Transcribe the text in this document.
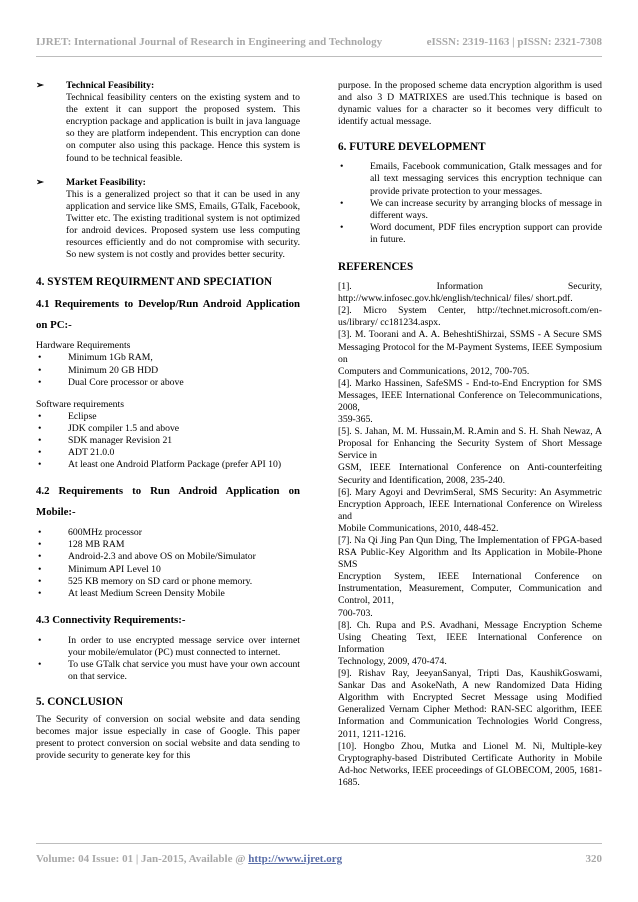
IJRET: International Journal of Research in Engineering and Technology	eISSN: 2319-1163 | pISSN: 2321-7308
➢	Technical Feasibility:

Technical feasibility centers on the existing system and to the extent it can support the proposed system. This encryption package and application is built in java language so they are platform independent. This encryption can done on computer also using this package. Hence this system is found to be technical feasible.

➢	Market Feasibility:

This is a generalized project so that it can be used in any application and service like SMS, Emails, GTalk, Facebook, Twitter etc. The existing traditional system is not optimized for android devices. Proposed system use less computing resources efficiently and do not compromise with security. So new system is not costly and provides better security.

4. SYSTEM REQUIRMENT AND SPECIATION
4.1 Requirements to Develop/Run Android Application on PC:-

Hardware Requirements

•	Minimum 1Gb RAM,
•	Minimum 20 GB HDD
•	Dual Core processor or above

Software requirements

•	Eclipse
•	JDK compiler 1.5 and above
•	SDK manager Revision 21
•	ADT 21.0.0
•	At least one Android Platform Package (prefer API 10)
4.2 Requirements to Run Android Application on Mobile:-
•	600MHz processor
•	128 MB RAM
•	Android-2.3 and above OS on Mobile/Simulator
•	Minimum API Level 10
•	525 KB memory on SD card or phone memory.
•	At least Medium Screen Density Mobile
4.3 Connectivity Requirements:-
•	In order to use encrypted message service over internet your mobile/emulator (PC) must connected to internet.
•	To use GTalk chat service you must have your own account on that service.
5. CONCLUSION

The Security of conversion on social website and data sending becomes major issue especially in case of Google. This paper present to protect conversion on social website and data sending to provide security to generate key for this

purpose. In the proposed scheme data encryption algorithm is used and also 3 D MATRIXES are used.This technique is based on dynamic values for a character so it becomes very difficult to identify actual message.

6. FUTURE DEVELOPMENT
•	Emails, Facebook communication, Gtalk messages and for all text messaging services this encryption technique can provide private protection to your messages.
•	We can increase security by arranging blocks of message in different ways.
•	Word document, PDF files encryption support can provide in future.
REFERENCES

[1]. Information Security, http://www.infosec.gov.hk/english/technical/ files/ short.pdf.

[2]. Micro System Center, http://technet.microsoft.com/en-us/library/ cc181234.aspx.

[3]. M. Toorani and A. A. BeheshtiShirzai, SSMS - A Secure SMS Messaging Protocol for the M-Payment Systems, IEEE Symposium on

Computers and Communications, 2012, 700-705.

[4]. Marko Hassinen, SafeSMS - End-to-End Encryption for SMS Messages, IEEE International Conference on Telecommunications, 2008,

359-365.

[5]. S. Jahan, M. M. Hussain,M. R.Amin and S. H. Shah Newaz, A Proposal for Enhancing the Security System of Short Message Service in

GSM, IEEE International Conference on Anti-counterfeiting Security and Identification, 2008, 235-240.

[6]. Mary Agoyi and DevrimSeral, SMS Security: An Asymmetric Encryption Approach, IEEE International Conference on Wireless and

Mobile Communications, 2010, 448-452.

[7]. Na Qi Jing Pan Qun Ding, The Implementation of FPGA-based RSA Public-Key Algorithm and Its Application in Mobile-Phone SMS

Encryption System, IEEE International Conference on Instrumentation, Measurement, Computer, Communication and Control, 2011,

700-703.

[8]. Ch. Rupa and P.S. Avadhani, Message Encryption Scheme Using Cheating Text, IEEE International Conference on Information

Technology, 2009, 470-474.

[9]. Rishav Ray, JeeyanSanyal, Tripti Das, KaushikGoswami, Sankar Das and AsokeNath, A new Randomized Data Hiding Algorithm with Encrypted Secret Message using Modified Generalized Vernam Cipher Method: RAN-SEC algorithm, IEEE Information and Communication Technologies World Congress, 2011, 1211-1216.

[10]. Hongbo Zhou, Mutka and Lionel M. Ni, Multiple-key Cryptography-based Distributed Certificate Authority in Mobile Ad-hoc Networks, IEEE proceedings of GLOBECOM, 2005, 1681-1685.

Volume: 04 Issue: 01 | Jan-2015, Available @ http://www.ijret.org	320
